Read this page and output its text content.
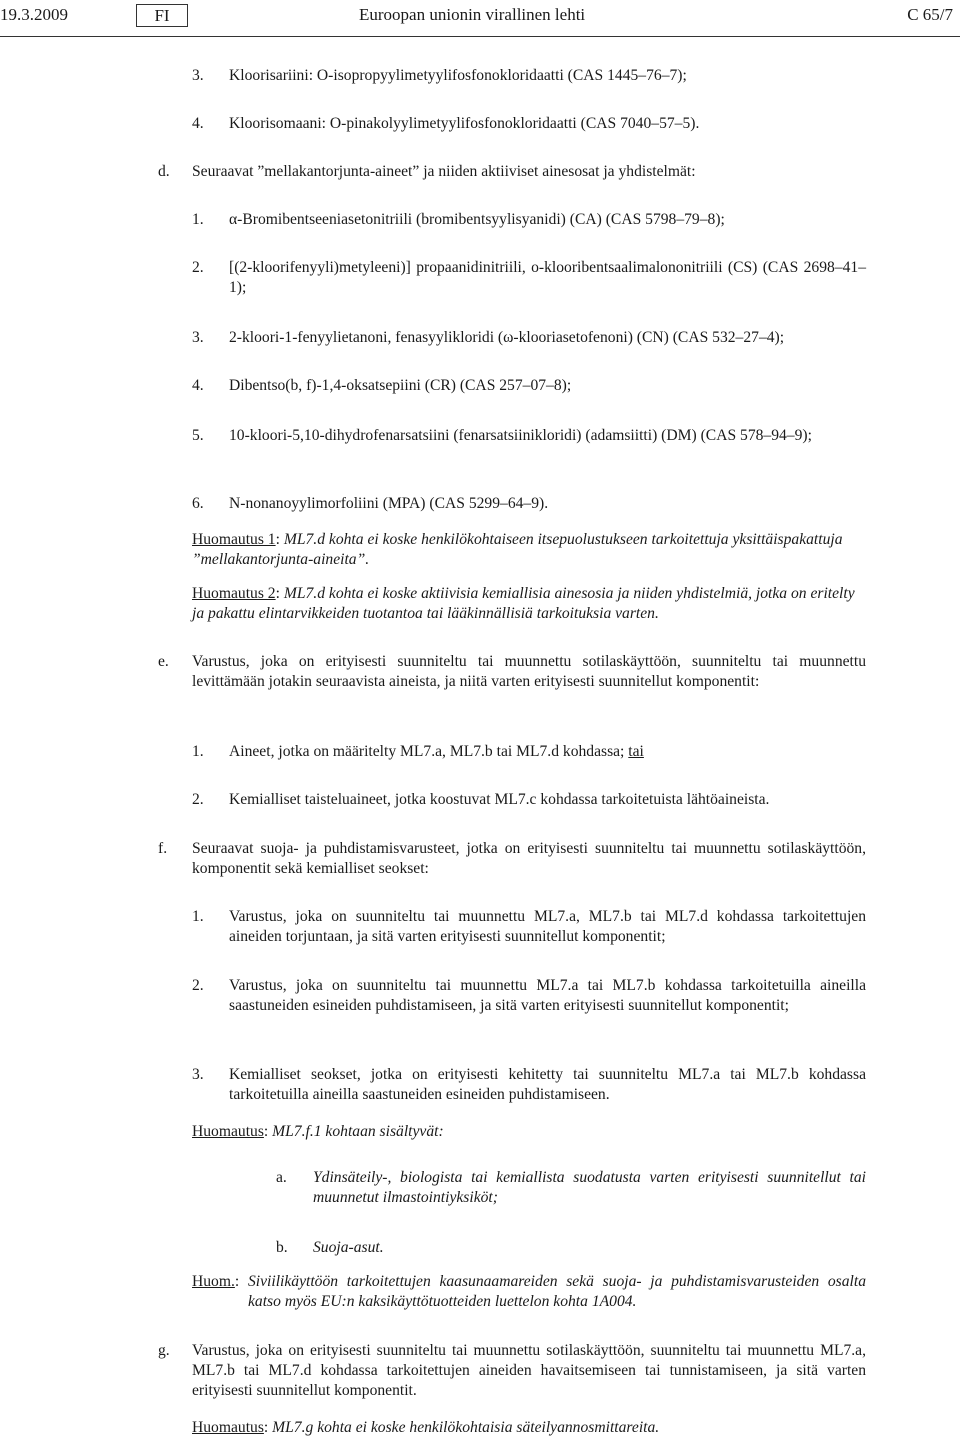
19.3.2009	FI	Euroopan unionin virallinen lehti	C 65/7
3. Kloorisariini: O-isopropyylimetyylifosfonokloridaatti (CAS 1445–76–7);
4. Kloorisomaani: O-pinakolyylimetyylifosfonokloridaatti (CAS 7040–57–5).
d. Seuraavat ”mellakantorjunta-aineet” ja niiden aktiiviset ainesosat ja yhdistelmät:
1. α-Bromibentseeniasetonitriili (bromibentsyylisyanidi) (CA) (CAS 5798–79–8);
2. [(2-kloorifenyyli)metyleeni)] propaanidinitriili, o-klooribentsaalimalononitriili (CS) (CAS 2698–41–1);
3. 2-kloori-1-fenyylietanoni, fenasyylikloridi (ω-klooriasetofenoni) (CN) (CAS 532–27–4);
4. Dibentso(b, f)-1,4-oksatsepiini (CR) (CAS 257–07–8);
5. 10-kloori-5,10-dihydrofenarsatsiini (fenarsatsiinikloridi) (adamsiitti) (DM) (CAS 578–94–9);
6. N-nonanoyylimorfoliini (MPA) (CAS 5299–64–9).
Huomautus 1: ML7.d kohta ei koske henkilökohtaiseen itsepuolustukseen tarkoitettuja yksittäispakattuja ”mellakantorjunta-aineita”.
Huomautus 2: ML7.d kohta ei koske aktiivisia kemiallisia ainesosia ja niiden yhdistelmiä, jotka on eritelty ja pakattu elintarvikkeiden tuotantoa tai lääkinnällisiä tarkoituksia varten.
e. Varustus, joka on erityisesti suunniteltu tai muunnettu sotilaskäyttöön, suunniteltu tai muunnettu levittämään jotakin seuraavista aineista, ja niitä varten erityisesti suunnitellut komponentit:
1. Aineet, jotka on määritelty ML7.a, ML7.b tai ML7.d kohdassa; tai
2. Kemialliset taisteluaineet, jotka koostuvat ML7.c kohdassa tarkoitetuista lähtöaineista.
f. Seuraavat suoja- ja puhdistamisvarusteet, jotka on erityisesti suunniteltu tai muunnettu sotilaskäyttöön, komponentit sekä kemialliset seokset:
1. Varustus, joka on suunniteltu tai muunnettu ML7.a, ML7.b tai ML7.d kohdassa tarkoitettujen aineiden torjuntaan, ja sitä varten erityisesti suunnitellut komponentit;
2. Varustus, joka on suunniteltu tai muunnettu ML7.a tai ML7.b kohdassa tarkoitetuilla aineilla saastuneiden esineiden puhdistamiseen, ja sitä varten erityisesti suunnitellut komponentit;
3. Kemialliset seokset, jotka on erityisesti kehitetty tai suunniteltu ML7.a tai ML7.b kohdassa tarkoitetuilla aineilla saastuneiden esineiden puhdistamiseen.
Huomautus: ML7.f.1 kohtaan sisältyvät:
a. Ydinsäteily-, biologista tai kemiallista suodatusta varten erityisesti suunnitellut tai muunnetut ilmastointiyksiköt;
b. Suoja-asut.
Huom.: Siviilikäyttöön tarkoitettujen kaasunaamareiden sekä suoja- ja puhdistamisvarusteiden osalta katso myös EU:n kaksikäyttötuotteiden luettelon kohta 1A004.
g. Varustus, joka on erityisesti suunniteltu tai muunnettu sotilaskäyttöön, suunniteltu tai muunnettu ML7.a, ML7.b tai ML7.d kohdassa tarkoitettujen aineiden havaitsemiseen tai tunnistamiseen, ja sitä varten erityisesti suunnitellut komponentit.
Huomautus: ML7.g kohta ei koske henkilökohtaisia säteilyannosmittareita.
